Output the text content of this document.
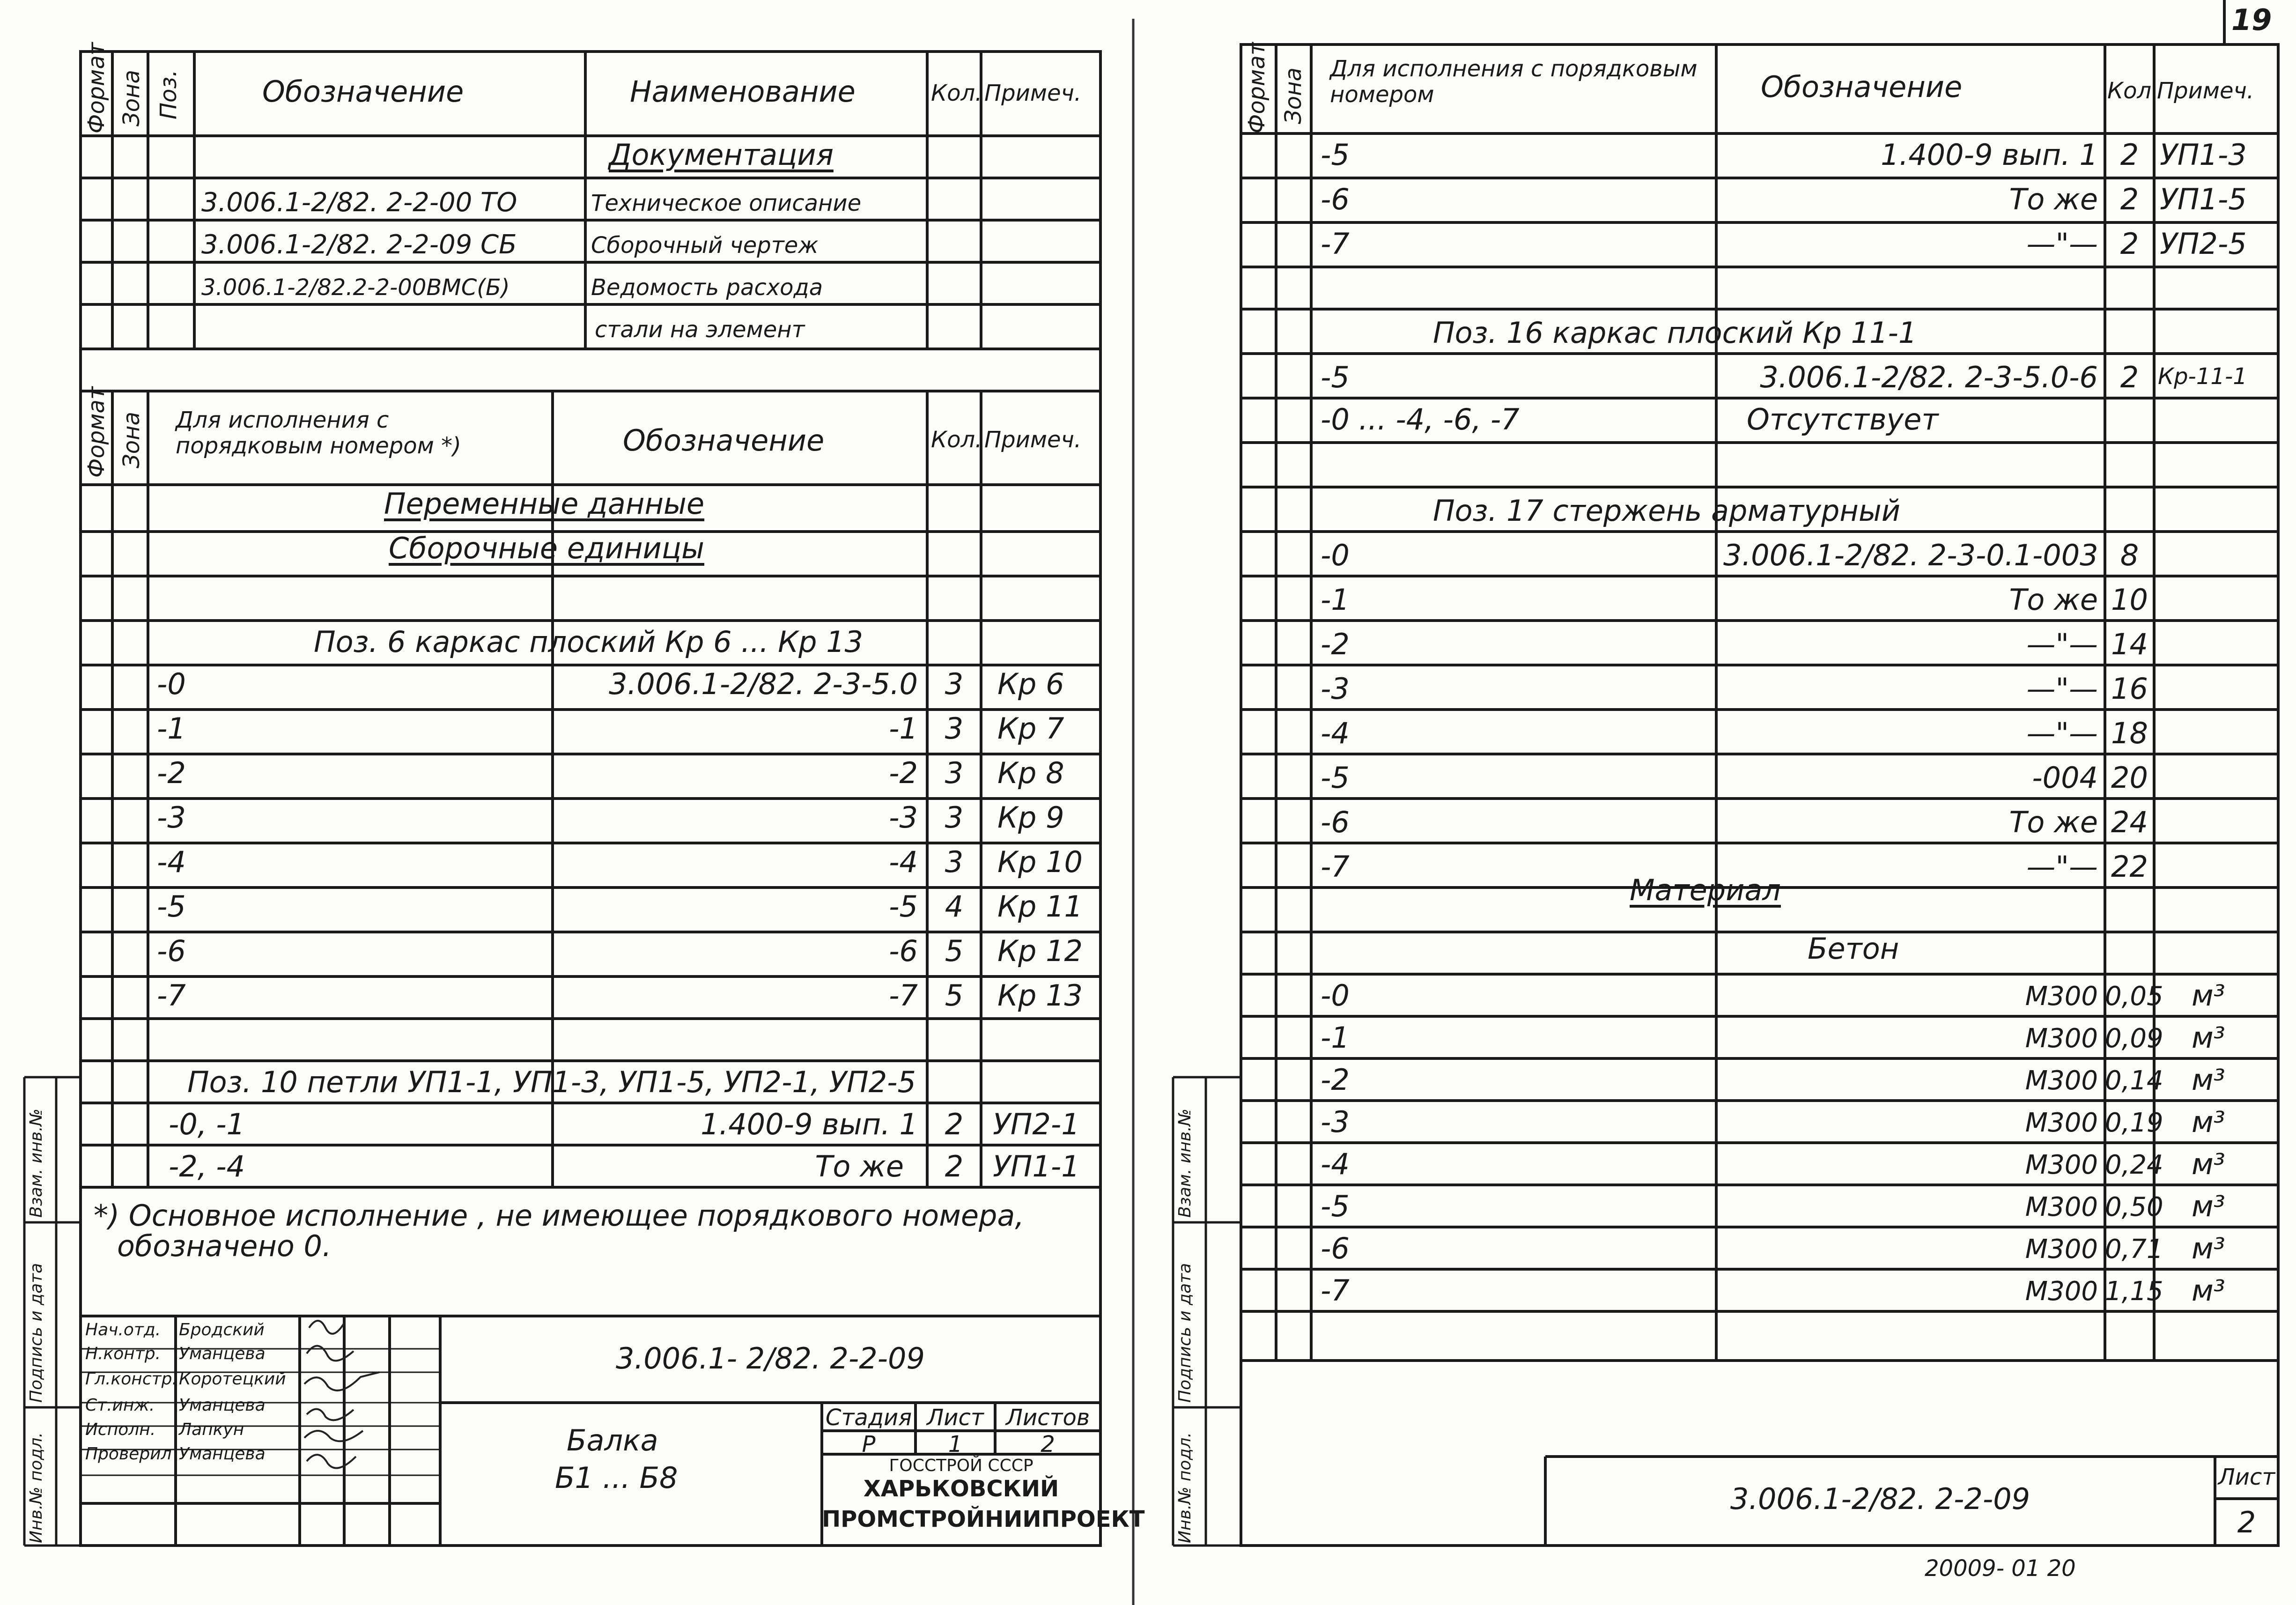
Формат Зона Поз.	Обозначение	Наименование	Кол. Примеч.
Документация
3.006.1-2/82. 2-2-00 ТО	Техническое описание
3.006.1-2/82. 2-2-09 СБ	Сборочный чертеж
3.006.1-2/82.2-2-00ВМС(Б)	Ведомость расхода
стали на элемент
Формат Зона Для исполнения с порядковым номером *)	Обозначение	Кол. Примеч.
Переменные данные
Сборочные единицы
Поз. 6 каркас плоский Кр 6 ... Кр 13
-0	3.006.1-2/82. 2-3-5.0 3	Кр 6
-1	-1 3	Кр 7
-2	-2 3	Кр 8
-3	-3 3	Кр 9
-4	-4 3	Кр 10
-5	-5 4	Кр 11
-6	-6 5	Кр 12
-7	-7 5	Кр 13
Поз. 10 петли УП1-1, УП1-3, УП1-5, УП2-1, УП2-5
-0, -1	1.400-9 вып. 1 2	УП2-1
-2, -4	То же	2	УП1-1
*) Основное исполнение , не имеющее порядкового номера,
обозначено 0.
Нач.отд. Бродский
Н.контр. Уманцева
Гл.констр. Коротецкий
Ст.инж. Уманцева
Исполн. Лапкун
Проверил Уманцева
3.006.1- 2/82. 2-2-09
Балка
Б1 ... Б8
Стадия Лист Листов
Р	1	2
ГОССТРОЙ СССР
ХАРЬКОВСКИЙ
ПРОМСТРОЙНИИПРОЕКТ
Инв.№ подл.
Подпись и дата
Взам. инв.№
19
Формат Зона Для исполнения с порядковым номером	Обозначение	Кол.
Примеч.
-5	1.400-9 вып. 1 2 УП1-3
-6	То же 2 УП1-5
-7	—"— 2 УП2-5
Поз. 16 каркас плоский Кр 11-1
-5	3.006.1-2/82. 2-3-5.0-6 2 Кр-11-1
-0 ... -4, -6, -7	Отсутствует
Поз. 17 стержень арматурный
-0	3.006.1-2/82. 2-3-0.1-003 8
-1	То же 10
-2	—"— 14
-3	—"— 16
-4	—"— 18
-5	-004 20
-6	То же 24
-7	—"— 22
Материал
Бетон
-0	М300 0,05 м³
-1	М300 0,09 м³
-2	М300 0,14 м³
-3	М300 0,19 м³
-4	М300 0,24 м³
-5	М300 0,50 м³
-6	М300 0,71 м³
-7	М300 1,15 м³
3.006.1-2/82. 2-2-09
Лист
2
20009- 01 20
Инв.№ подл.
Подпись и дата
Взам. инв.№
